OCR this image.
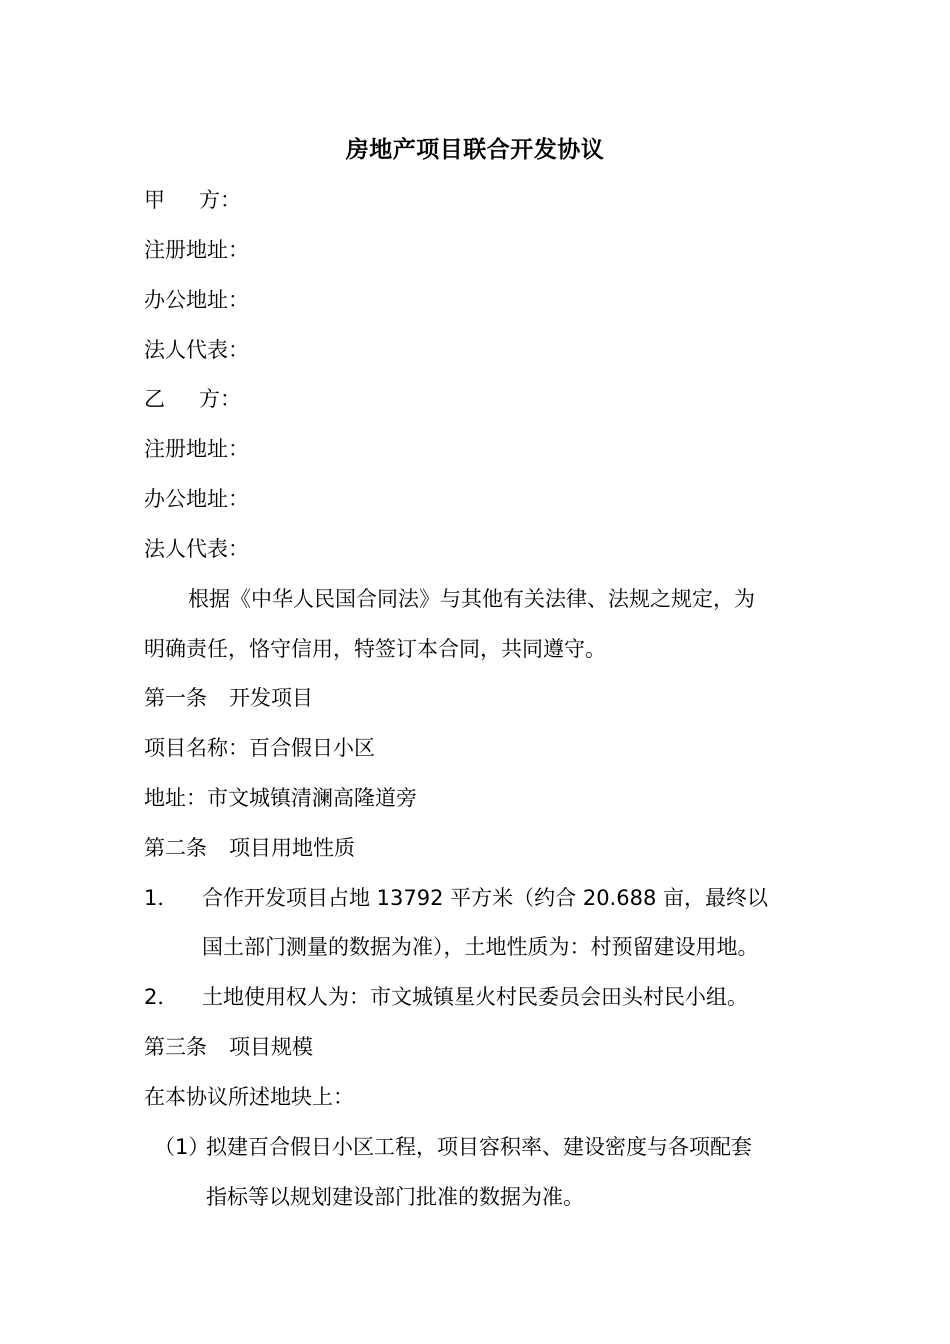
房地产项目联合开发协议
甲 方：
注册地址：
办公地址：
法人代表：
乙 方：
注册地址：
办公地址：
法人代表：
根据《中华人民国合同法》与其他有关法律、法规之规定，为
明确责任，恪守信用，特签订本合同，共同遵守。
第一条 开发项目
项目名称：百合假日小区
地址：市文城镇清澜高隆道旁
第二条 项目用地性质
1． 合作开发项目占地 13792 平方米（约合 20.688 亩，最终以
国土部门测量的数据为准），土地性质为：村预留建设用地。
2． 土地使用权人为：市文城镇星火村民委员会田头村民小组。
第三条 项目规模
在本协议所述地块上：
（1）
拟建百合假日小区工程，项目容积率、建设密度与各项配套
指标等以规划建设部门批准的数据为准。
